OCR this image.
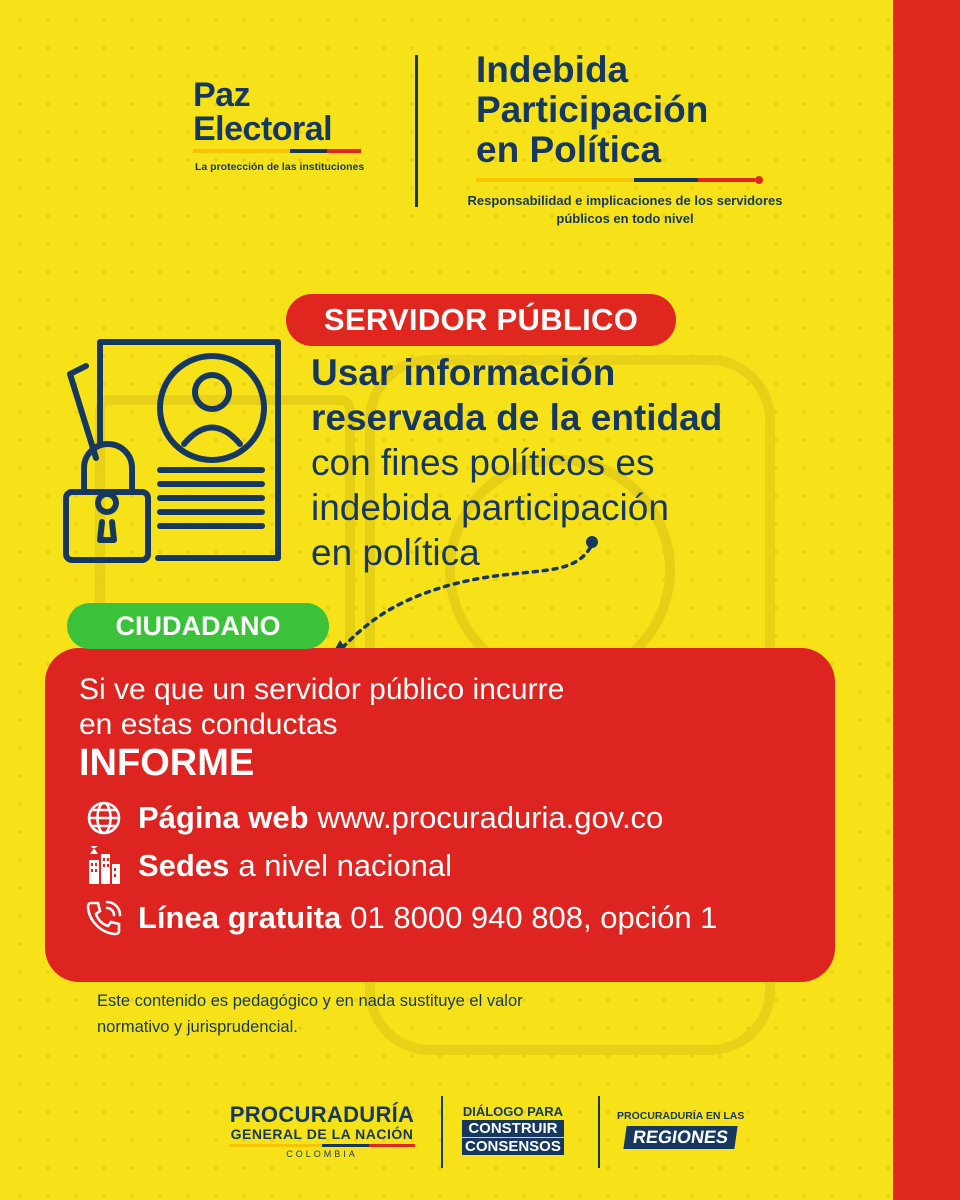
Paz
Electoral
La protección de las instituciones
Indebida
Participación
en Política
Responsabilidad e implicaciones de los servidores públicos en todo nivel
SERVIDOR PÚBLICO
Usar información
reservada de la entidad
con fines políticos es
indebida participación
en política
CIUDADANO
Si ve que un servidor público incurre
en estas conductas
INFORME
Página web www.procuraduria.gov.co
Sedes a nivel nacional
Línea gratuita 01 8000 940 808, opción 1
Este contenido es pedagógico y en nada sustituye el valor
normativo y jurisprudencial.
PROCURADURÍA
GENERAL DE LA NACIÓN
COLOMBIA
DIÁLOGO PARA
CONSTRUIR
CONSENSOS
PROCURADURÍA EN LAS
REGIONES
